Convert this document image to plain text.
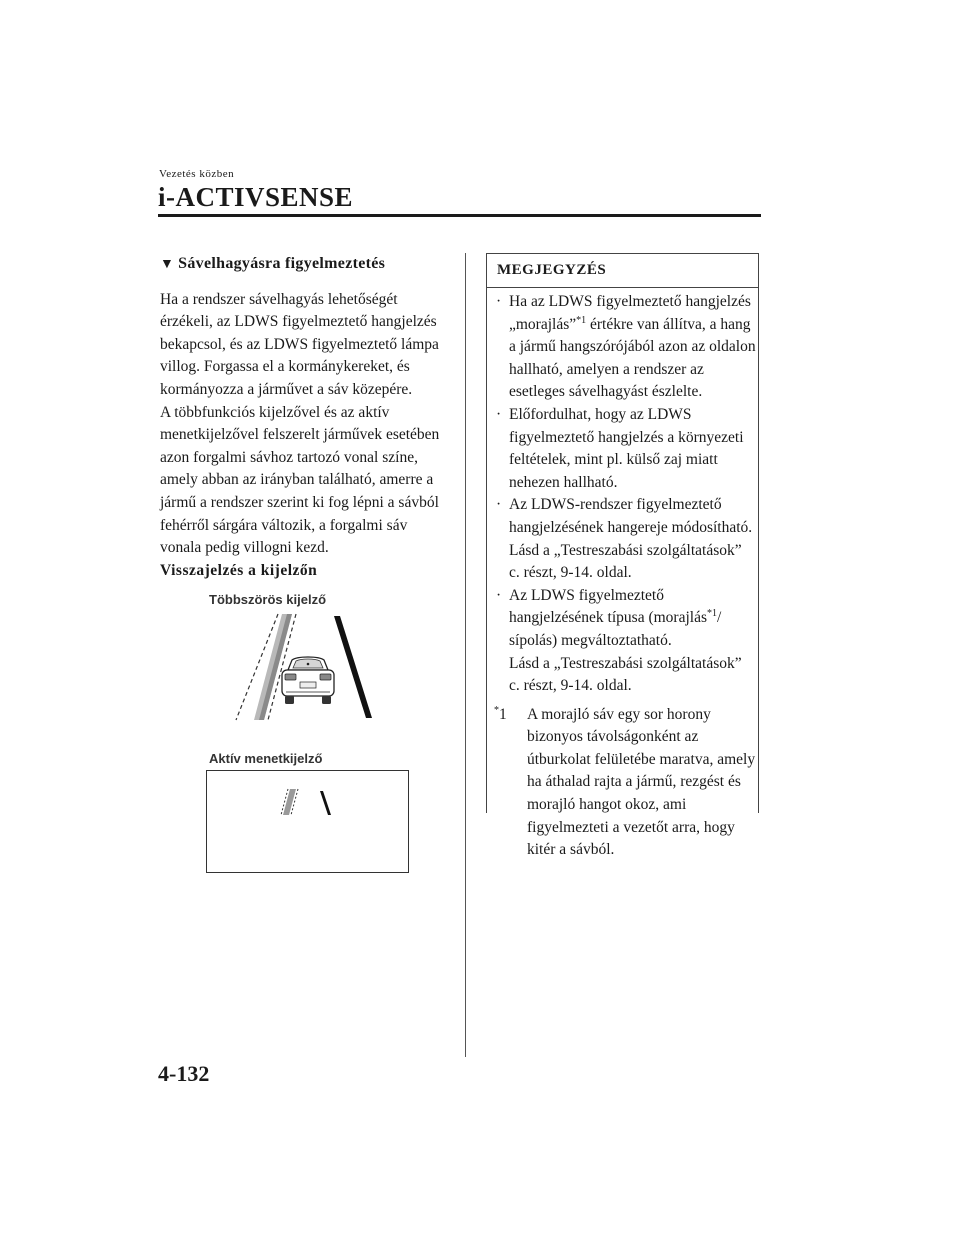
Vezetés közben
i-ACTIVSENSE
▼ Sávelhagyásra figyelmeztetés
Ha a rendszer sávelhagyás lehetőségét érzékeli, az LDWS figyelmeztető hangjelzés bekapcsol, és az LDWS figyelmeztető lámpa villog. Forgassa el a kormánykereket, és kormányozza a járművet a sáv közepére.
A többfunkciós kijelzővel és az aktív menetkijelzővel felszerelt járművek esetében azon forgalmi sávhoz tartozó vonal színe, amely abban az irányban található, amerre a jármű a rendszer szerint ki fog lépni a sávból fehérről sárgára változik, a forgalmi sáv vonala pedig villogni kezd.
Visszajelzés a kijelzőn
Többszörös kijelző
Aktív menetkijelző
MEGJEGYZÉS
· Ha az LDWS figyelmeztető hangjelzés „morajlás”$^{*1}$ értékre van állítva, a hang a jármű hangszórójából azon az oldalon hallható, amelyen a rendszer az esetleges sávelhagyást észlelte.
· Előfordulhat, hogy az LDWS figyelmeztető hangjelzés a környezeti feltételek, mint pl. külső zaj miatt nehezen hallható.
· Az LDWS-rendszer figyelmeztető hangjelzésének hangereje módosítható.
Lásd a „Testreszabási szolgáltatások” c. részt, 9-14. oldal.
· Az LDWS figyelmeztető hangjelzésének típusa (morajlás$^{*1}$/ sípolás) megváltoztatható.
Lásd a „Testreszabási szolgáltatások” c. részt, 9-14. oldal.
*1 A morajló sáv egy sor horony bizonyos távolságonként az útburkolat felületébe maratva, amely ha áthalad rajta a jármű, rezgést és morajló hangot okoz, ami figyelmezteti a vezetőt arra, hogy kitér a sávból.
4-132
